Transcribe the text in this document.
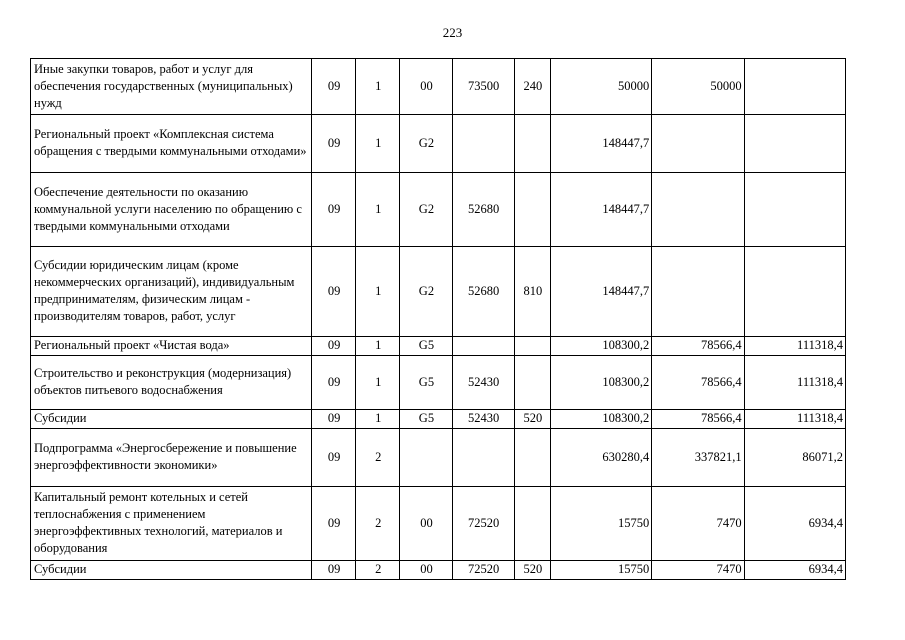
223
Иные закупки товаров, работ и услуг для обеспечения государственных (муниципальных) нужд	09	1	00	73500	240	50000	50000	
Региональный проект «Комплексная система обращения с твердыми коммунальными отходами»	09	1	G2			148447,7		
Обеспечение деятельности по оказанию коммунальной услуги населению по обращению с твердыми коммунальными отходами	09	1	G2	52680		148447,7		
Субсидии юридическим лицам (кроме некоммерческих организаций), индивидуальным предпринимателям, физическим лицам - производителям товаров, работ, услуг	09	1	G2	52680	810	148447,7		
Региональный проект «Чистая вода»	09	1	G5			108300,2	78566,4	111318,4
Строительство и реконструкция (модернизация) объектов питьевого водоснабжения	09	1	G5	52430		108300,2	78566,4	111318,4
Субсидии	09	1	G5	52430	520	108300,2	78566,4	111318,4
Подпрограмма «Энергосбережение и повышение энергоэффективности экономики»	09	2				630280,4	337821,1	86071,2
Капитальный ремонт котельных и сетей теплоснабжения с применением энергоэффективных технологий, материалов и оборудования	09	2	00	72520		15750	7470	6934,4
Субсидии	09	2	00	72520	520	15750	7470	6934,4
